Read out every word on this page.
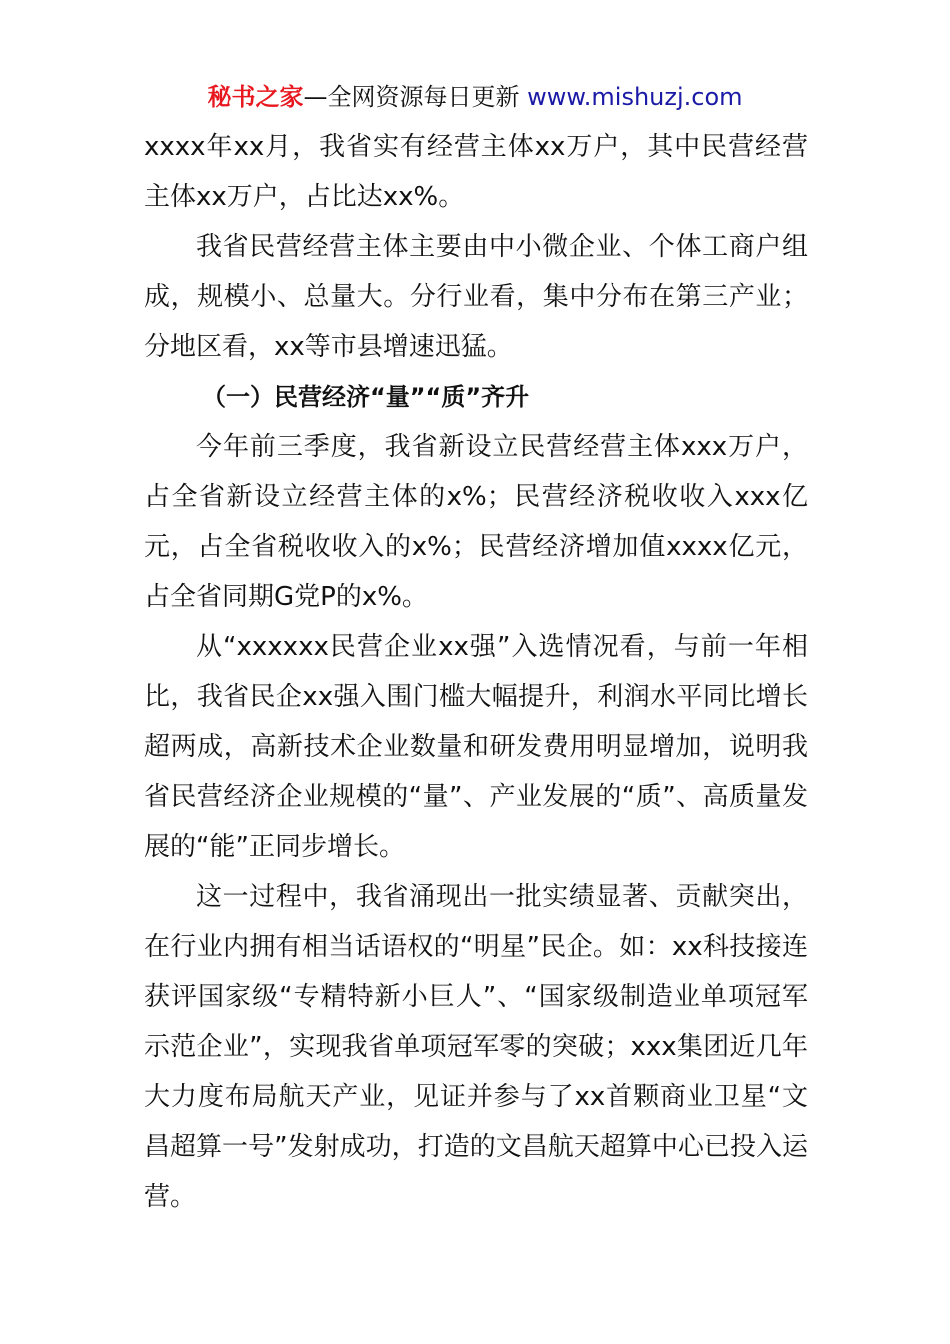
秘书之家—全网资源每日更新 www.mishuzj.com

xxxx年xx月，我省实有经营主体xx万户，其中民营经营主体xx万户，占比达xx%。

我省民营经营主体主要由中小微企业、个体工商户组成，规模小、总量大。分行业看，集中分布在第三产业；分地区看，xx等市县增速迅猛。

（一）民营经济“量”“质”齐升

今年前三季度，我省新设立民营经营主体xxx万户，占全省新设立经营主体的x%；民营经济税收收入xxx亿元，占全省税收收入的x%；民营经济增加值xxxx亿元，占全省同期G党P的x%。

从“xxxxxx民营企业xx强”入选情况看，与前一年相比，我省民企xx强入围门槛大幅提升，利润水平同比增长超两成，高新技术企业数量和研发费用明显增加，说明我省民营经济企业规模的“量”、产业发展的“质”、高质量发展的“能”正同步增长。

这一过程中，我省涌现出一批实绩显著、贡献突出，在行业内拥有相当话语权的“明星”民企。如：xx科技接连获评国家级“专精特新小巨人”、“国家级制造业单项冠军示范企业”，实现我省单项冠军零的突破；xxx集团近几年大力度布局航天产业，见证并参与了xx首颗商业卫星“文昌超算一号”发射成功，打造的文昌航天超算中心已投入运营。
